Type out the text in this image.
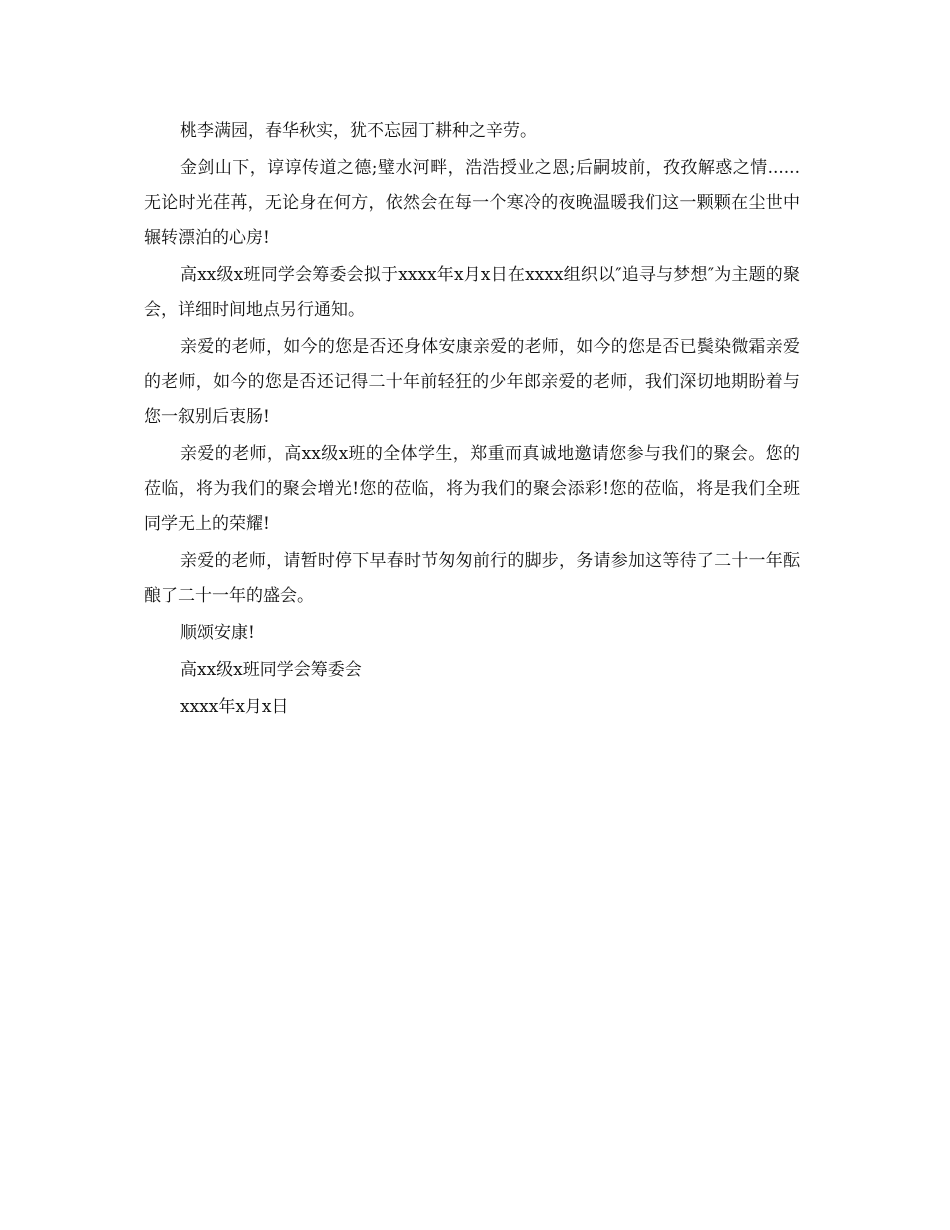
桃李满园，春华秋实，犹不忘园丁耕种之辛劳。

金剑山下，谆谆传道之德;璧水河畔，浩浩授业之恩;后嗣坡前，孜孜解惑之情......无论时光荏苒，无论身在何方，依然会在每一个寒冷的夜晚温暖我们这一颗颗在尘世中辗转漂泊的心房!

高xx级x班同学会筹委会拟于xxxx年x月x日在xxxx组织以″追寻与梦想″为主题的聚会，详细时间地点另行通知。

亲爱的老师，如今的您是否还身体安康亲爱的老师，如今的您是否已鬓染微霜亲爱的老师，如今的您是否还记得二十年前轻狂的少年郎亲爱的老师，我们深切地期盼着与您一叙别后衷肠!

亲爱的老师，高xx级x班的全体学生，郑重而真诚地邀请您参与我们的聚会。您的莅临，将为我们的聚会增光!您的莅临，将为我们的聚会添彩!您的莅临，将是我们全班同学无上的荣耀!

亲爱的老师，请暂时停下早春时节匆匆前行的脚步，务请参加这等待了二十一年酝酿了二十一年的盛会。

顺颂安康!

高xx级x班同学会筹委会

xxxx年x月x日
